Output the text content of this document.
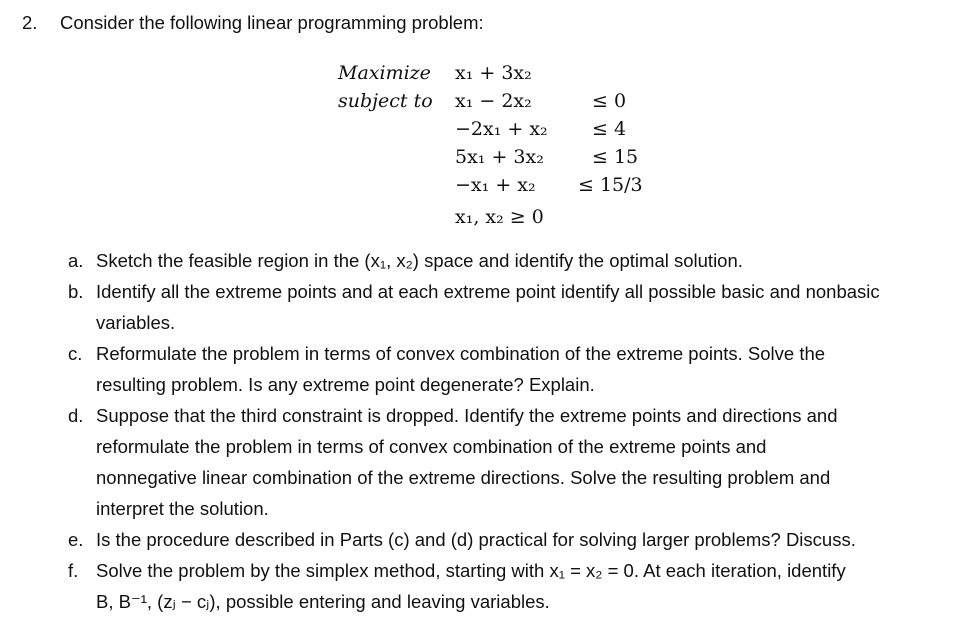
2. Consider the following linear programming problem:
Maximize
subject to
x₁ + 3x₂
x₁ − 2x₂	≤ 0
−2x₁ + x₂ ≤ 4
5x₁ + 3x₂	≤ 15
−x₁ + x₂ ≤ 15/3
x₁, x₂ ≥ 0
a. Sketch the feasible region in the (x₁, x₂) space and identify the optimal solution.
b. Identify all the extreme points and at each extreme point identify all possible basic and nonbasic
variables.
c. Reformulate the problem in terms of convex combination of the extreme points. Solve the
resulting problem. Is any extreme point degenerate? Explain.
d. Suppose that the third constraint is dropped. Identify the extreme points and directions and
reformulate the problem in terms of convex combination of the extreme points and
nonnegative linear combination of the extreme directions. Solve the resulting problem and
interpret the solution.
e. Is the procedure described in Parts (c) and (d) practical for solving larger problems? Discuss.
f. Solve the problem by the simplex method, starting with x₁ = x₂ = 0. At each iteration, identify
B, B⁻¹, (zⱼ − cⱼ), possible entering and leaving variables.
